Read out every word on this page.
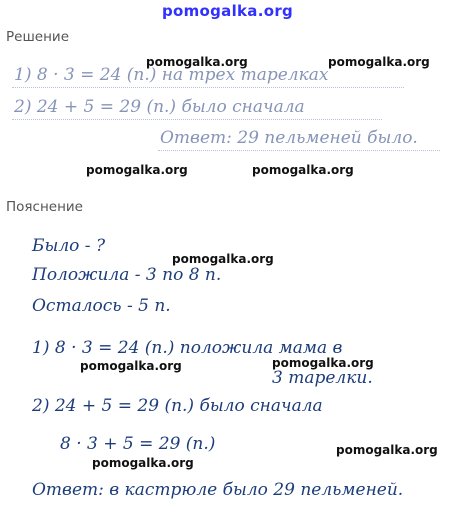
pomogalka.org
Решение
1) 8 · 3 = 24 (п.) на трех тарелках
2) 24 + 5 = 29 (п.) было сначала
Ответ: 29 пельменей было.
Пояснение
Было - ?
Положила - 3 по 8 п.
Осталось - 5 п.
1) 8 · 3 = 24 (п.) положила мама в
3 тарелки.
2) 24 + 5 = 29 (п.) было сначала
8 · 3 + 5 = 29 (п.)
Ответ: в кастрюле было 29 пельменей.
pomogalka.org	pomogalka.org
pomogalka.org	pomogalka.org
pomogalka.org
pomogalka.org	pomogalka.org
pomogalka.org
pomogalka.org
